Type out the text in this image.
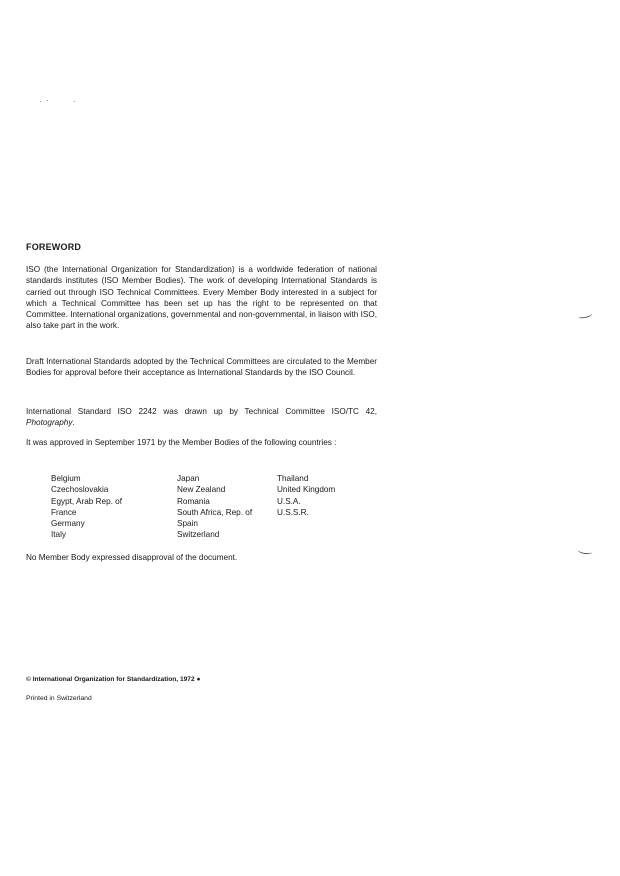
FOREWORD
ISO (the International Organization for Standardization) is a worldwide federation of national standards institutes (ISO Member Bodies). The work of developing International Standards is carried out through ISO Technical Committees. Every Member Body interested in a subject for which a Technical Committee has been set up has the right to be represented on that Committee. International organizations, governmental and non-governmental, in liaison with ISO, also take part in the work.
Draft International Standards adopted by the Technical Committees are circulated to the Member Bodies for approval before their acceptance as International Standards by the ISO Council.
International Standard ISO 2242 was drawn up by Technical Committee ISO/TC 42, Photography.
It was approved in September 1971 by the Member Bodies of the following countries :
Belgium
Czechoslovakia
Egypt, Arab Rep. of
France
Germany
Italy
Japan
New Zealand
Romania
South Africa, Rep. of
Spain
Switzerland
Thailand
United Kingdom
U.S.A.
U.S.S.R.
No Member Body expressed disapproval of the document.
© International Organization for Standardization, 1972 ●
Printed in Switzerland
